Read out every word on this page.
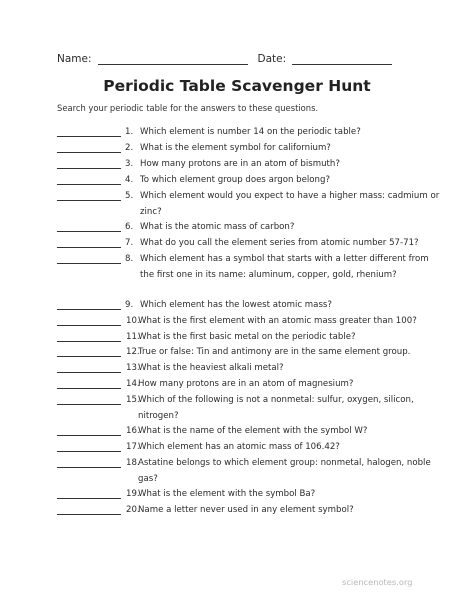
Name:	Date:
Periodic Table Scavenger Hunt
Search your periodic table for the answers to these questions.
1. Which element is number 14 on the periodic table?
2. What is the element symbol for californium?
3. How many protons are in an atom of bismuth?
4. To which element group does argon belong?
5. Which element would you expect to have a higher mass: cadmium or zinc?
6. What is the atomic mass of carbon?
7. What do you call the element series from atomic number 57-71?
8. Which element has a symbol that starts with a letter different from the first one in its name: aluminum, copper, gold, rhenium?
9. Which element has the lowest atomic mass?
10.
What is the first element with an atomic mass greater than 100?
11.
What is the first basic metal on the periodic table?
12.
True or false: Tin and antimony are in the same element group.
13.
What is the heaviest alkali metal?
14.
How many protons are in an atom of magnesium?
15.
Which of the following is not a nonmetal: sulfur, oxygen, silicon, nitrogen?
16.
What is the name of the element with the symbol W?
17.
Which element has an atomic mass of 106.42?
18.
Astatine belongs to which element group: nonmetal, halogen, noble gas?
19.
What is the element with the symbol Ba?
20.
Name a letter never used in any element symbol?
sciencenotes.org
